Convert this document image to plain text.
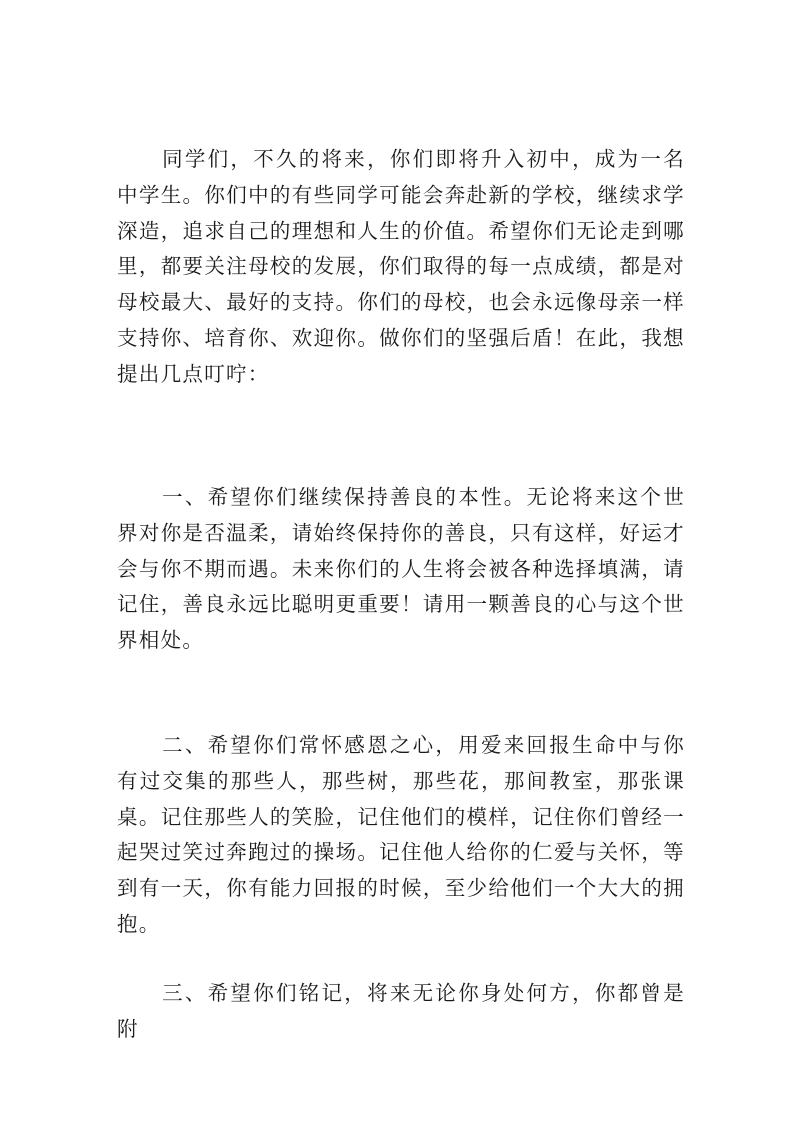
同学们，不久的将来，你们即将升入初中，成为一名中学生。你们中的有些同学可能会奔赴新的学校，继续求学深造，追求自己的理想和人生的价值。希望你们无论走到哪里，都要关注母校的发展，你们取得的每一点成绩，都是对母校最大、最好的支持。你们的母校，也会永远像母亲一样支持你、培育你、欢迎你。做你们的坚强后盾！在此，我想提出几点叮咛：

一、希望你们继续保持善良的本性。无论将来这个世界对你是否温柔，请始终保持你的善良，只有这样，好运才会与你不期而遇。未来你们的人生将会被各种选择填满，请记住，善良永远比聪明更重要！请用一颗善良的心与这个世界相处。

二、希望你们常怀感恩之心，用爱来回报生命中与你有过交集的那些人，那些树，那些花，那间教室，那张课桌。记住那些人的笑脸，记住他们的模样，记住你们曾经一起哭过笑过奔跑过的操场。记住他人给你的仁爱与关怀，等到有一天，你有能力回报的时候，至少给他们一个大大的拥抱。

三、希望你们铭记，将来无论你身处何方，你都曾是附
